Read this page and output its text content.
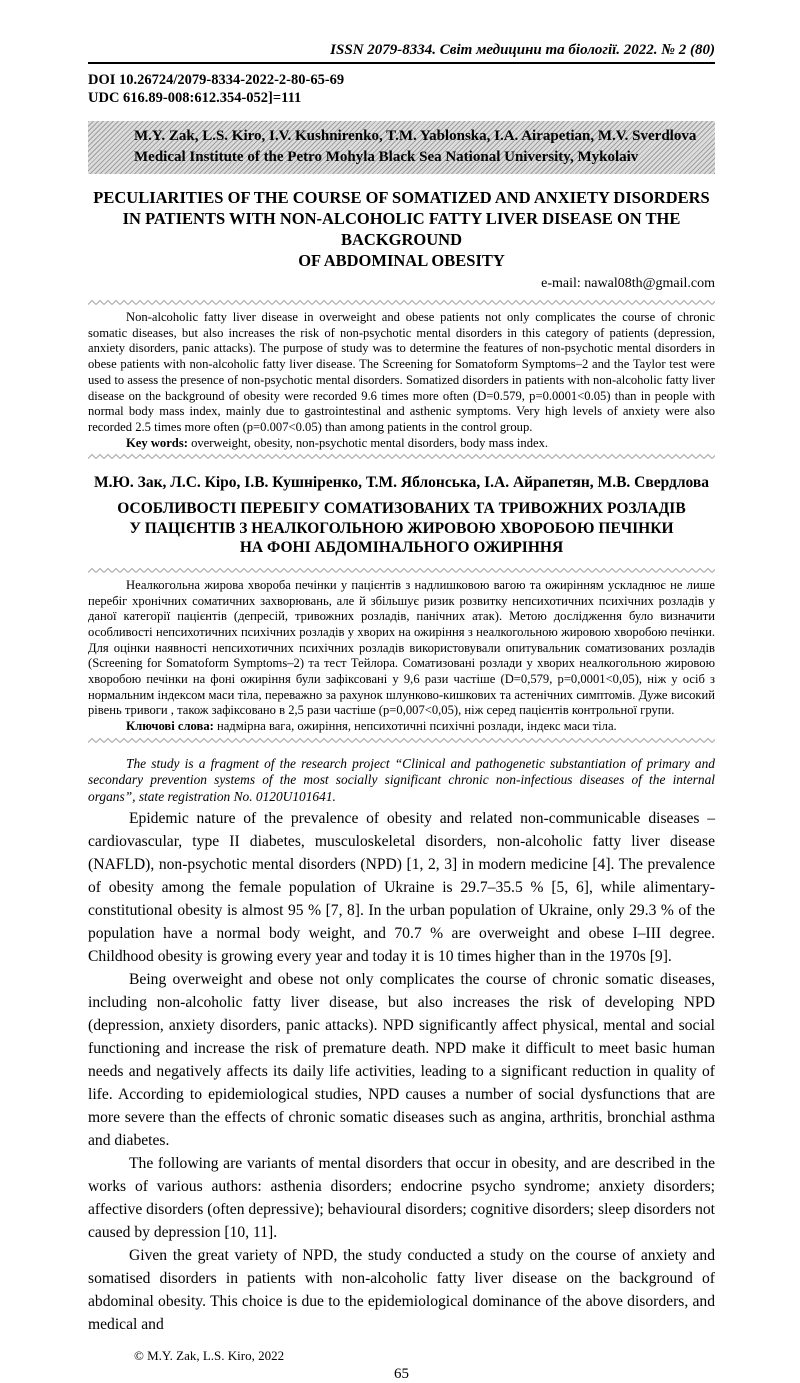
ISSN 2079-8334. Світ медицини та біології. 2022. № 2 (80)
DOI 10.26724/2079-8334-2022-2-80-65-69
UDC 616.89-008:612.354-052]=111
M.Y. Zak, L.S. Kiro, I.V. Kushnirenko, T.M. Yablonska, I.A. Airapetian, M.V. Sverdlova
Medical Institute of the Petro Mohyla Black Sea National University, Mykolaiv
PECULIARITIES OF THE COURSE OF SOMATIZED AND ANXIETY DISORDERS
IN PATIENTS WITH NON-ALCOHOLIC FATTY LIVER DISEASE ON THE BACKGROUND
OF ABDOMINAL OBESITY
e-mail: nawal08th@gmail.com

Non-alcoholic fatty liver disease in overweight and obese patients not only complicates the course of chronic somatic diseases, but also increases the risk of non-psychotic mental disorders in this category of patients (depression, anxiety disorders, panic attacks). The purpose of study was to determine the features of non-psychotic mental disorders in obese patients with non-alcoholic fatty liver disease. The Screening for Somatoform Symptoms–2 and the Taylor test were used to assess the presence of non-psychotic mental disorders. Somatized disorders in patients with non-alcoholic fatty liver disease on the background of obesity were recorded 9.6 times more often (D=0.579, p=0.0001<0.05) than in people with normal body mass index, mainly due to gastrointestinal and asthenic symptoms. Very high levels of anxiety were also recorded 2.5 times more often (p=0.007<0.05) than among patients in the control group.

Key words: overweight, obesity, non-psychotic mental disorders, body mass index.

М.Ю. Зак, Л.С. Кіро, І.В. Кушніренко, Т.М. Яблонська, І.А. Айрапетян, М.В. Свердлова
ОСОБЛИВОСТІ ПЕРЕБІГУ СОМАТИЗОВАНИХ ТА ТРИВОЖНИХ РОЗЛАДІВ
У ПАЦІЄНТІВ З НЕАЛКОГОЛЬНОЮ ЖИРОВОЮ ХВОРОБОЮ ПЕЧІНКИ
НА ФОНІ АБДОМІНАЛЬНОГО ОЖИРІННЯ

Неалкогольна жирова хвороба печінки у пацієнтів з надлишковою вагою та ожирінням ускладнює не лише перебіг хронічних соматичних захворювань, але й збільшує ризик розвитку непсихотичних психічних розладів у даної категорії пацієнтів (депресій, тривожних розладів, панічних атак). Метою дослідження було визначити особливості непсихотичних психічних розладів у хворих на ожиріння з неалкогольною жировою хворобою печінки. Для оцінки наявності непсихотичних психічних розладів використовували опитувальник соматизованих розладів (Screening for Somatoform Symptoms–2) та тест Тейлора. Соматизовані розлади у хворих неалкогольною жировою хворобою печінки на фоні ожиріння були зафіксовані у 9,6 рази частіше (D=0,579, p=0,0001<0,05), ніж у осіб з нормальним індексом маси тіла, переважно за рахунок шлунково-кишкових та астенічних симптомів. Дуже високий рівень тривоги , також зафіксовано в 2,5 рази частіше (р=0,007<0,05), ніж серед пацієнтів контрольної групи.

Ключові слова: надмірна вага, ожиріння, непсихотичні психічні розлади, індекс маси тіла.

The study is a fragment of the research project “Clinical and pathogenetic substantiation of primary and secondary prevention systems of the most socially significant chronic non-infectious diseases of the internal organs”, state registration No. 0120U101641.

Epidemic nature of the prevalence of obesity and related non-communicable diseases – cardiovascular, type II diabetes, musculoskeletal disorders, non-alcoholic fatty liver disease (NAFLD), non-psychotic mental disorders (NPD) [1, 2, 3] in modern medicine [4]. The prevalence of obesity among the female population of Ukraine is 29.7–35.5 % [5, 6], while alimentary-constitutional obesity is almost 95 % [7, 8]. In the urban population of Ukraine, only 29.3 % of the population have a normal body weight, and 70.7 % are overweight and obese I–III degree. Childhood obesity is growing every year and today it is 10 times higher than in the 1970s [9].

Being overweight and obese not only complicates the course of chronic somatic diseases, including non-alcoholic fatty liver disease, but also increases the risk of developing NPD (depression, anxiety disorders, panic attacks). NPD significantly affect physical, mental and social functioning and increase the risk of premature death. NPD make it difficult to meet basic human needs and negatively affects its daily life activities, leading to a significant reduction in quality of life. According to epidemiological studies, NPD causes a number of social dysfunctions that are more severe than the effects of chronic somatic diseases such as angina, arthritis, bronchial asthma and diabetes.

The following are variants of mental disorders that occur in obesity, and are described in the works of various authors: asthenia disorders; endocrine psycho syndrome; anxiety disorders; affective disorders (often depressive); behavioural disorders; cognitive disorders; sleep disorders not caused by depression [10, 11].

Given the great variety of NPD, the study conducted a study on the course of anxiety and somatised disorders in patients with non-alcoholic fatty liver disease on the background of abdominal obesity. This choice is due to the epidemiological dominance of the above disorders, and medical and

© M.Y. Zak, L.S. Kiro, 2022
65
